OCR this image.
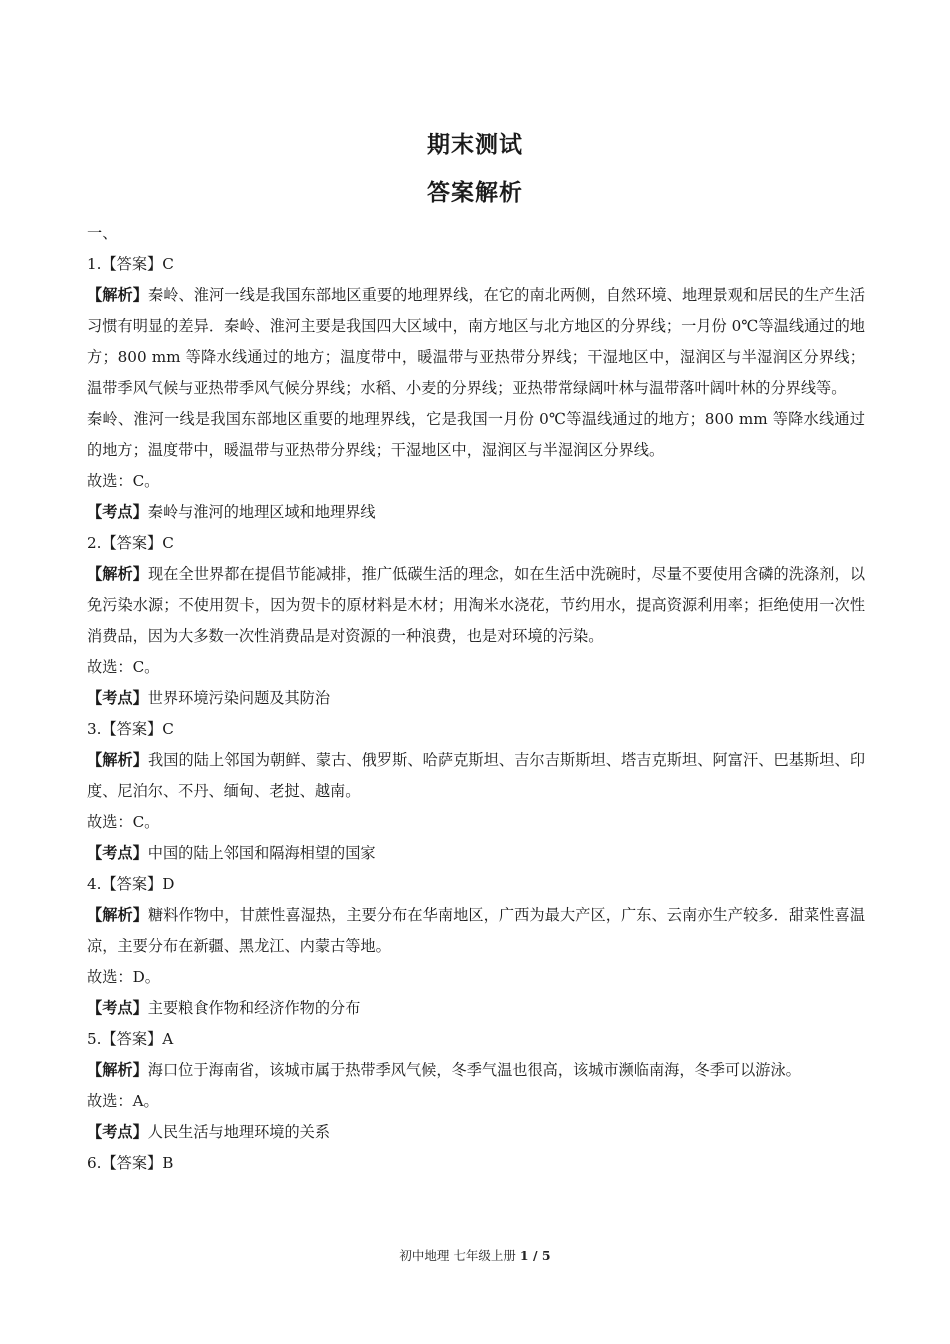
期末测试
答案解析

一、

1.【答案】C

【解析】秦岭、淮河一线是我国东部地区重要的地理界线，在它的南北两侧，自然环境、地理景观和居民的生产生活习惯有明显的差异．秦岭、淮河主要是我国四大区域中，南方地区与北方地区的分界线；一月份 0℃等温线通过的地方；800 mm 等降水线通过的地方；温度带中，暖温带与亚热带分界线；干湿地区中，湿润区与半湿润区分界线；温带季风气候与亚热带季风气候分界线；水稻、小麦的分界线；亚热带常绿阔叶林与温带落叶阔叶林的分界线等。

秦岭、淮河一线是我国东部地区重要的地理界线，它是我国一月份 0℃等温线通过的地方；800 mm 等降水线通过的地方；温度带中，暖温带与亚热带分界线；干湿地区中，湿润区与半湿润区分界线。

故选：C。

【考点】秦岭与淮河的地理区域和地理界线

2.【答案】C

【解析】现在全世界都在提倡节能减排，推广低碳生活的理念，如在生活中洗碗时，尽量不要使用含磷的洗涤剂，以免污染水源；不使用贺卡，因为贺卡的原材料是木材；用淘米水浇花，节约用水，提高资源利用率；拒绝使用一次性消费品，因为大多数一次性消费品是对资源的一种浪费，也是对环境的污染。

故选：C。

【考点】世界环境污染问题及其防治

3.【答案】C

【解析】我国的陆上邻国为朝鲜、蒙古、俄罗斯、哈萨克斯坦、吉尔吉斯斯坦、塔吉克斯坦、阿富汗、巴基斯坦、印度、尼泊尔、不丹、缅甸、老挝、越南。

故选：C。

【考点】中国的陆上邻国和隔海相望的国家

4.【答案】D

【解析】糖料作物中，甘蔗性喜湿热，主要分布在华南地区，广西为最大产区，广东、云南亦生产较多．甜菜性喜温凉，主要分布在新疆、黑龙江、内蒙古等地。

故选：D。

【考点】主要粮食作物和经济作物的分布

5.【答案】A

【解析】海口位于海南省，该城市属于热带季风气候，冬季气温也很高，该城市濒临南海，冬季可以游泳。

故选：A。

【考点】人民生活与地理环境的关系

6.【答案】B

初中地理 七年级上册 1 / 5
